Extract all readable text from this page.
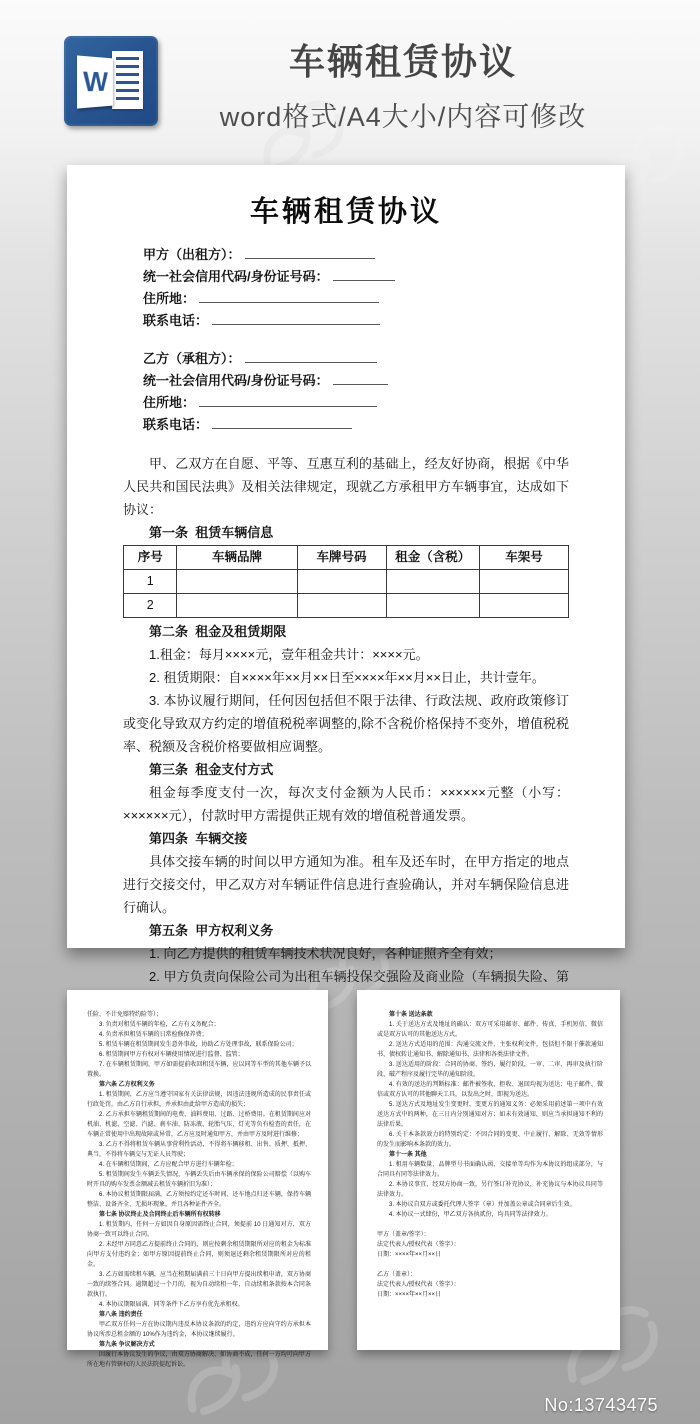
W	车辆租赁协议
word格式/A4大小/内容可修改
车辆租赁协议
甲方（出租方）：
统一社会信用代码/身份证号码：
住所地：
联系电话：
乙方（承租方）：
统一社会信用代码/身份证号码：
住所地：
联系电话：

甲、乙双方在自愿、平等、互惠互利的基础上，经友好协商，根据《中华人民共和国民法典》及相关法律规定，现就乙方承租甲方车辆事宜，达成如下协议：

第一条  租赁车辆信息
序号	车辆品牌	车牌号码	租金（含税）	车架号
1				
2				
第二条  租金及租赁期限

1.租金：每月××××元，壹年租金共计：××××元。

2. 租赁期限：自××××年××月××日至××××年××月××日止，共计壹年。

3. 本协议履行期间，任何因包括但不限于法律、行政法规、政府政策修订或变化导致双方约定的增值税税率调整的,除不含税价格保持不变外，增值税税率、税额及含税价格要做相应调整。

第三条  租金支付方式

租金每季度支付一次，每次支付金额为人民币：××××××元整（小写：××××××元），付款时甲方需提供正规有效的增值税普通发票。

第四条  车辆交接

具体交接车辆的时间以甲方通知为准。租车及还车时，在甲方指定的地点进行交接交付，甲乙双方对车辆证件信息进行查验确认，并对车辆保险信息进行确认。

第五条  甲方权利义务

1. 向乙方提供的租赁车辆技术状况良好，各种证照齐全有效；

2. 甲方负责向保险公司为出租车辆投保交强险及商业险（车辆损失险、第

任险、不计免赔特约险等）；

3. 负责对租赁车辆的年检，乙方有义务配合；

4. 负责承担租赁车辆的日常检修保养费；

5. 租赁车辆在租赁期间发生意外事故，协助乙方处理事故，联系保险公司；

6. 租赁期间甲方有权对车辆使用情况进行监督、监管；

7. 在车辆租赁期间，甲方如需提前收回租赁车辆，应以同等车型的其他车辆予以置换。

第六条 乙方权利义务

1. 租赁期间，乙方应当遵守国家有关法律法规，因违法违规所造成的民事责任或行政处罚，由乙方自行承担，并承担由此给甲方造成的损失；

2. 乙方承担车辆租赁期间的电费、油料费用、过路、过桥费用。在租赁期间应对机油、机滤、空滤、汽滤、刹车油、防冻液、轮胎气压、灯光等负有检查的责任，在车辆正常使用中出现故障或异常，乙方应及时通知甲方，并由甲方及时进行维修；

3. 乙方不得将租赁车辆从事营利性活动，不得将车辆移租、出售、质押、抵押、典当，不得将车辆交与无证人员驾驶；

4. 在车辆租赁期间，乙方应配合甲方进行车辆年检；

5. 租赁期间发生车辆丢失情况，车辆丢失后由车辆承保的保险公司赔偿（以购车时开具的购车发票金额减去租赁车辆折旧为准）；

6. 本协议租赁期限届满，乙方须按约定还车时间、还车地点归还车辆，保持车辆整洁、设备齐全、无损坏现象，并且各种证件齐全。

第七条 协议终止及合同终止后车辆所有权转移

1. 租赁期内，任何一方如因自身原因需终止合同，须提前 10 日通知对方，双方协商一致可以终止合同。

2. 未经甲方同意乙方提前终止合同的，则应按剩余租赁期限所对应的租金为标准向甲方支付违约金；如甲方原因提前终止合同，则须退还剩余租赁期限所对应的租金。

3. 乙方如需续租车辆，应当在租期届满前三十日向甲方提出续租申请，双方协商一致的续签合同。逾期超过一个月的，视为自动续租一年，自动续租条款按本合同条款执行。

4. 本协议期限届满，同等条件下乙方享有优先承租权。

第八条 违约责任

甲乙双方任何一方在协议期内违反本协议条款的约定，违约方应向守约方承担本协议所涉总租金额的 10%作为违约金，本协议继续履行。

第九条 争议解决方式

因履行本协议发生的争议，由双方协商解决，如协商不成，任何一方均可向甲方所在地有管辖权的人民法院提起诉讼。

第十条 送达条款

1. 关于送达方式及地址的确认：双方可采用邮寄、邮件、传真、手机短信、微信或是双方认可的其他送达方式。

2. 送达方式适用的范围：沟通交流文件、主张权利文件，包括但不限于催款通知书、债权转让通知书、解除通知书、法律和各类法律文件。

3. 送达适用的阶段：合同的协商、签约、履行阶段，一审、二审、再审及执行阶段、破产程序及履行完毕的通知阶段。

4. 有效的送达的判断标准：邮件被签收、拒收、退回均视为送达；电子邮件、微信或双方认可的其他聊天工具，以发出之时，即视为送达。

5. 送达方式及地址发生变更时，变更方的通知义务：必须采用前述第一项中有效送达方式中的两种，在三日内分别通知对方；如未有效通知，则应当承担通知不利的法律后果。

6. 关于本条款效力的特别约定：不因合同的变更、中止履行、解除、无效等情形的发生而影响本条款的效力。

第十一条 其他

1. 租用车辆数量、品牌型号书面确认函、交接单等均作为本协议的组成部分，与合同具有同等法律效力。

2. 本协议事宜，经双方协商一致，另行签订补充协议，补充协议与本协议具同等法律效力。

3. 本协议自双方或委托代理人签字（章）并加盖公章或合同章后生效。

4. 本协议一式肆份，甲乙双方各执贰份，均具同等法律效力。

甲方（盖章/签字）：

法定代表人/授权代表（签字）：

日期：××××年××月××日

乙方（盖章）：

法定代表人/授权代表（签字）：

日期：××××年××月××日

No:13743475
